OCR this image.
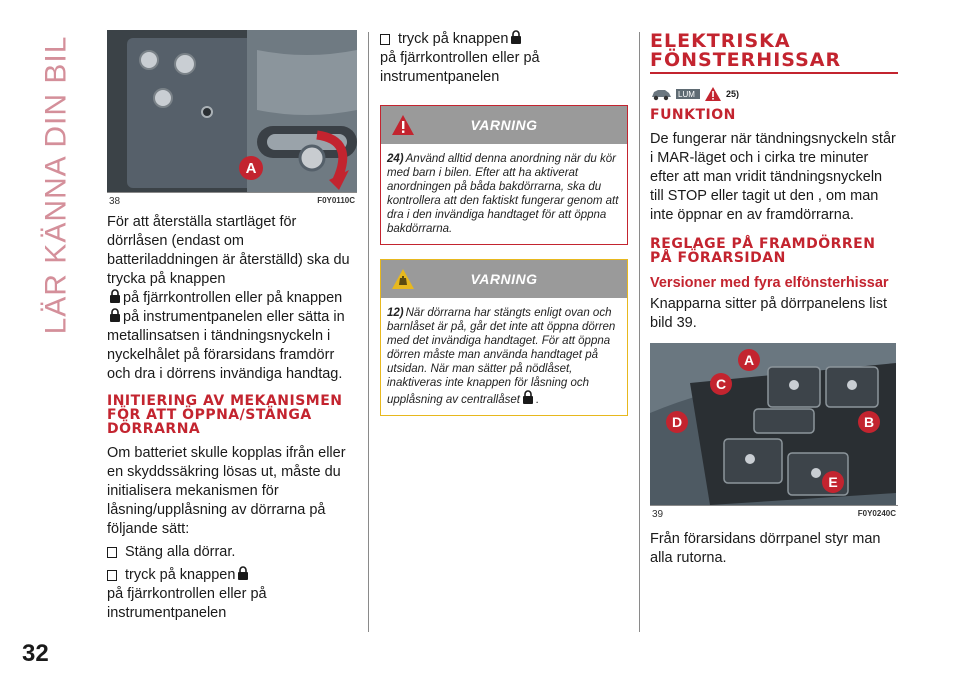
LÄR KÄNNA DIN BIL
32
A
38	F0Y0110C

För att återställa startläget för dörrlåsen (endast om batteriladdningen är återställd) ska du trycka på knappen
på fjärrkontrollen eller på knappen
på instrumentpanelen eller sätta in metallinsatsen i tändningsnyckeln i nyckelhålet på förarsidans framdörr och dra i dörrens invändiga handtag.

INITIERING AV MEKANISMEN FÖR ATT ÖPPNA/STÄNGA DÖRRARNA

Om batteriet skulle kopplas ifrån eller en skyddssäkring lösas ut, måste du initialisera mekanismen för låsning/upplåsning av dörrarna på följande sätt:

Stäng alla dörrar.
tryck på knappen

på fjärrkontrollen eller på instrumentpanelen

tryck på knappen

på fjärrkontrollen eller på instrumentpanelen

VARNING
24) Använd alltid denna anordning när du kör med barn i bilen. Efter att ha aktiverat anordningen på båda bakdörrarna, ska du kontrollera att den faktiskt fungerar genom att dra i den invändiga handtaget för att öppna bakdörrarna.
VARNING
12) När dörrarna har stängts enligt ovan och barnlåset är på, går det inte att öppna dörren med det invändiga handtaget. För att öppna dörren måste man använda handtaget på utsidan. När man sätter på nödlåset, inaktiveras inte knappen för låsning och upplåsning av centrallåset .
ELEKTRISKA
FÖNSTERHISSAR
LUM	25)
FUNKTION

De fungerar när tändningsnyckeln står i MAR-läget och i cirka tre minuter efter att man vridit tändningsnyckeln till STOP eller tagit ut den , om man inte öppnar en av framdörrarna.

REGLAGE PÅ FRAMDÖRREN PÅ FÖRARSIDAN
Versioner med fyra elfönsterhissar

Knapparna sitter på dörrpanelens list bild 39.

A
B
C
D
E
39	F0Y0240C

Från förarsidans dörrpanel styr man alla rutorna.
